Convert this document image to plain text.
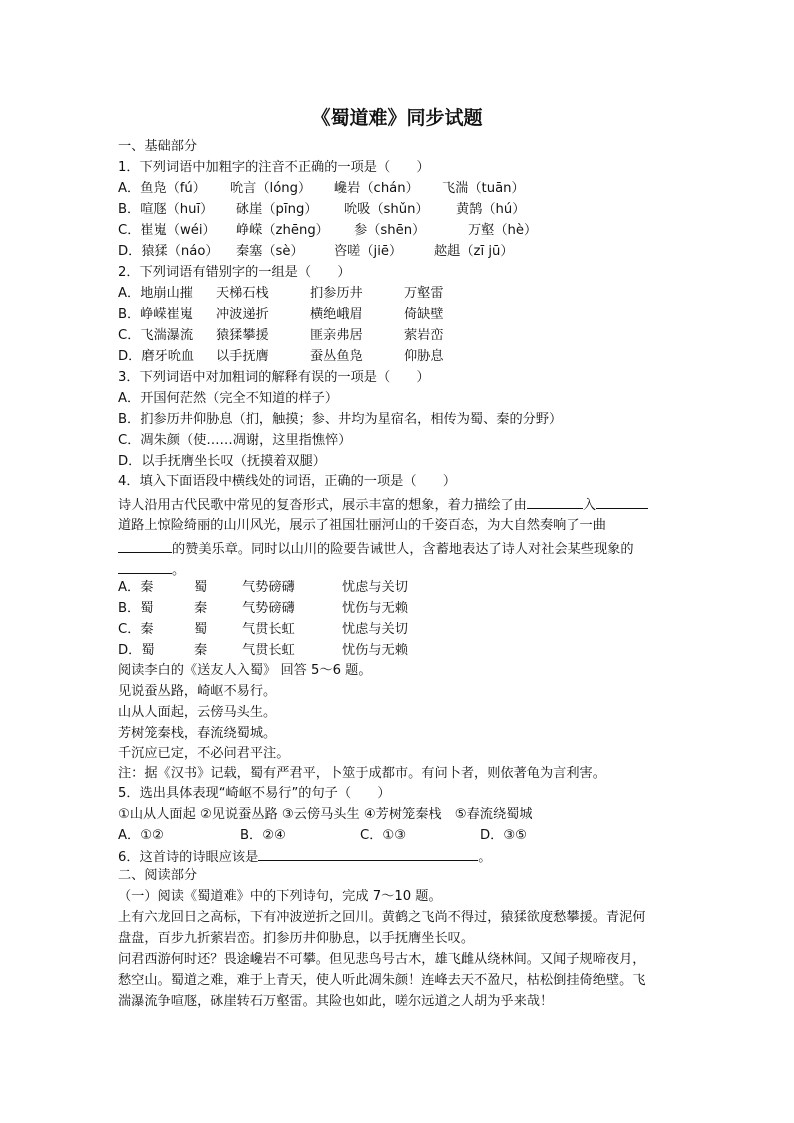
《蜀道难》同步试题
一、基础部分
1．下列词语中加粗字的注音不正确的一项是（　　）
A．鱼凫（fú）	吮言（lóng）	巉岩（chán）	飞湍（tuān）
B．喧豗（huī）	砯崖（pīng）	吮吸（shǔn）	黄鹄（hú）
C．崔嵬（wéi）	峥嵘（zhēng）	参（shēn）	万壑（hè）
D．猿猱（náo）	秦塞（sè）	咨嗟（jiē）	趑趄（zī jū）
2．下列词语有错别字的一组是（　　）
A．地崩山摧	天梯石栈	扪参历井	万壑雷
B．峥嵘崔嵬	冲波递折	横绝峨眉	倚缺壁
C．飞湍瀑流	猿猱攀援	匪亲弗居	萦岩峦
D．磨牙吮血	以手抚膺	蚕丛鱼凫	仰胁息
3．下列词语中对加粗词的解释有误的一项是（　　）
A．开国何茫然（完全不知道的样子）
B．扪参历井仰胁息（扪，触摸；参、井均为星宿名，相传为蜀、秦的分野）
C．凋朱颜（使……凋谢，这里指憔悴）
D．以手抚膺坐长叹（抚摸着双腿）
4．填入下面语段中横线处的词语，正确的一项是（　　）
诗人沿用古代民歌中常见的复沓形式，展示丰富的想象，着力描绘了由	入
道路上惊险绮丽的山川风光，展示了祖国壮丽河山的千姿百态，为大自然奏响了一曲
的赞美乐章。同时以山川的险要告诫世人，含蓄地表达了诗人对社会某些现象的
。
A．秦	蜀	气势磅礴	忧虑与关切
B．蜀	秦	气势磅礴	忧伤与无赖
C．秦	蜀	气贯长虹	忧虑与关切
D．蜀	秦	气贯长虹	忧伤与无赖
阅读李白的《送友人入蜀》 回答 5～6 题。
见说蚕丛路，崎岖不易行。
山从人面起，云傍马头生。
芳树笼秦栈，春流绕蜀城。
千沉应已定，不必问君平注。
注：据《汉书》记载，蜀有严君平，卜筮于成都市。有问卜者，则依著龟为言利害。
5．选出具体表现“崎岖不易行”的句子（　　）
①山从人面起 ②见说蚕丛路 ③云傍马头生 ④芳树笼秦栈　⑤春流绕蜀城
A．①②	B．②④	C．①③	D．③⑤
6．这首诗的诗眼应该是	。
二、阅读部分
（一）阅读《蜀道难》中的下列诗句，完成 7～10 题。
上有六龙回日之高标，下有冲波逆折之回川。黄鹤之飞尚不得过，猿猱欲度愁攀援。青泥何
盘盘，百步九折萦岩峦。扪参历井仰胁息，以手抚膺坐长叹。
问君西游何时还？畏途巉岩不可攀。但见悲鸟号古木，雄飞雌从绕林间。又闻子规啼夜月，
愁空山。蜀道之难，难于上青天，使人听此凋朱颜！连峰去天不盈尺，枯松倒挂倚绝壁。飞
湍瀑流争喧豗，砯崖转石万壑雷。其险也如此，嗟尔远道之人胡为乎来哉！
